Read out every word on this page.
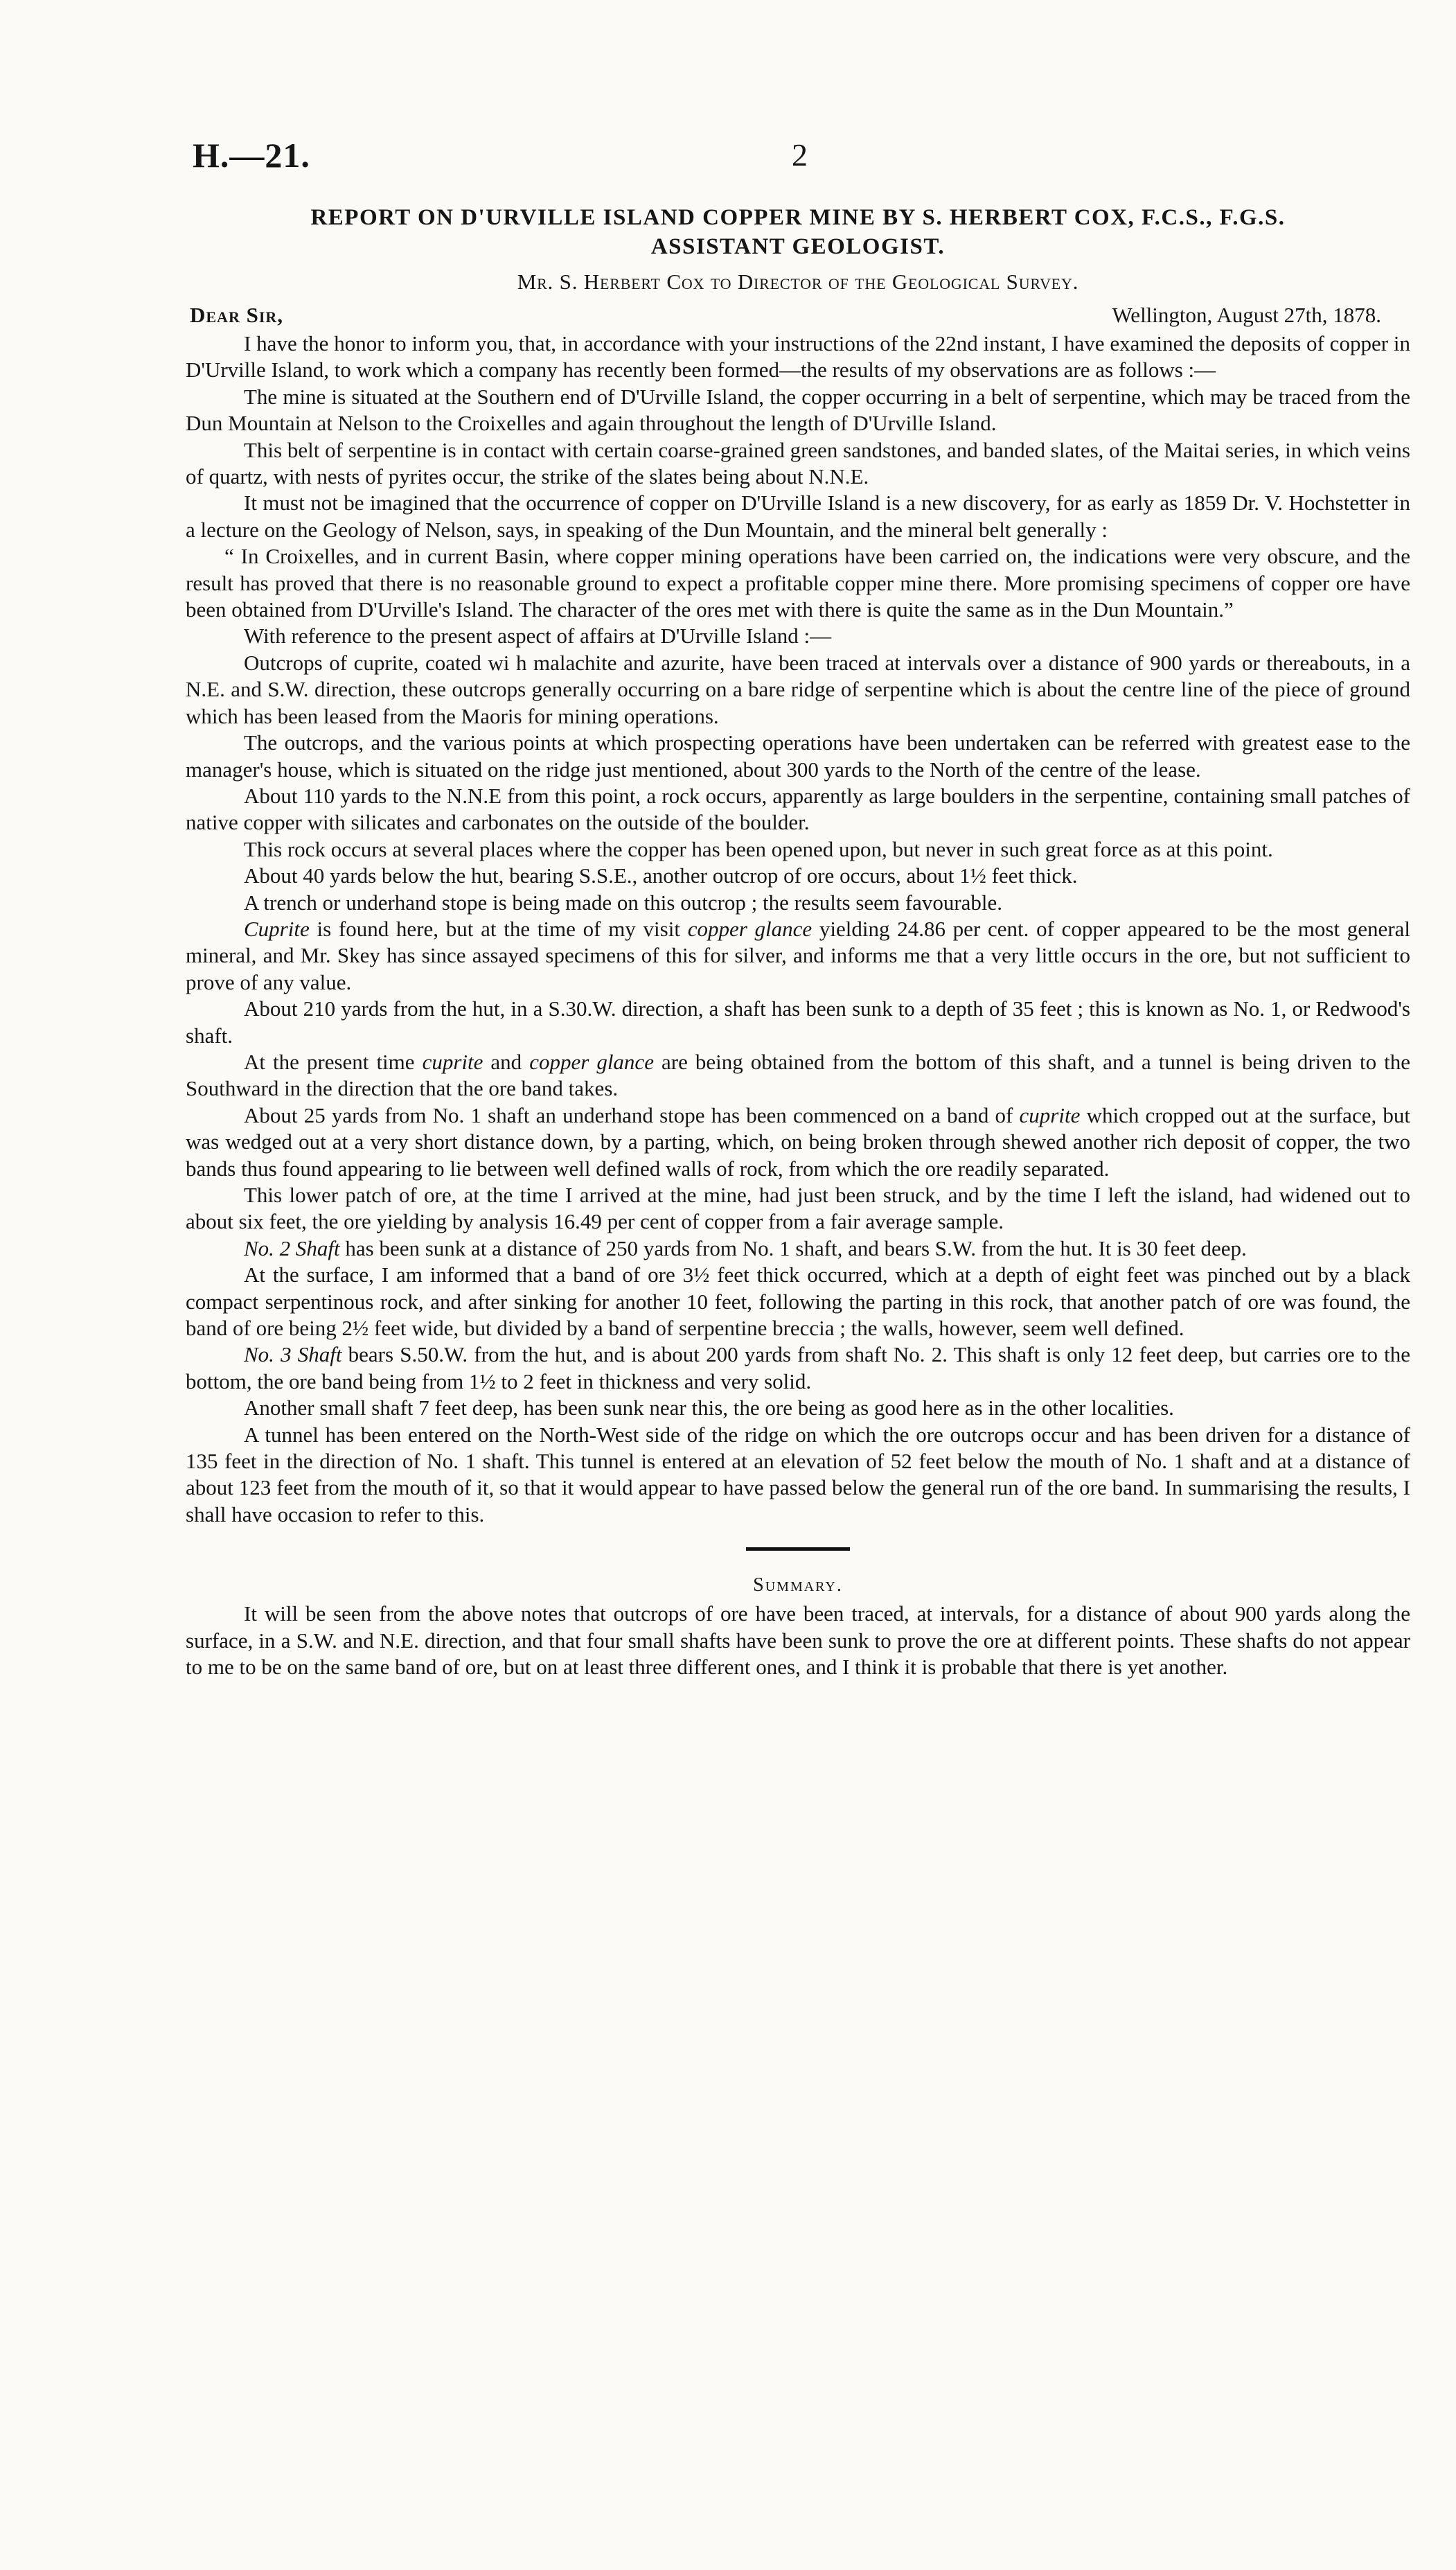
H.—21.	2
REPORT ON D'URVILLE ISLAND COPPER MINE BY S. HERBERT COX, F.C.S., F.G.S.
ASSISTANT GEOLOGIST.
Mr. S. Herbert Cox to Director of the Geological Survey.
Dear Sir,	Wellington, August 27th, 1878.

I have the honor to inform you, that, in accordance with your instructions of the 22nd instant, I have examined the deposits of copper in D'Urville Island, to work which a company has recently been formed—the results of my observations are as follows :—

The mine is situated at the Southern end of D'Urville Island, the copper occurring in a belt of serpentine, which may be traced from the Dun Mountain at Nelson to the Croixelles and again throughout the length of D'Urville Island.

This belt of serpentine is in contact with certain coarse-grained green sandstones, and banded slates, of the Maitai series, in which veins of quartz, with nests of pyrites occur, the strike of the slates being about N.N.E.

It must not be imagined that the occurrence of copper on D'Urville Island is a new discovery, for as early as 1859 Dr. V. Hochstetter in a lecture on the Geology of Nelson, says, in speaking of the Dun Mountain, and the mineral belt generally :

“ In Croixelles, and in current Basin, where copper mining operations have been carried on, the indications were very obscure, and the result has proved that there is no reasonable ground to expect a profitable copper mine there. More promising specimens of copper ore have been obtained from D'Urville's Island. The character of the ores met with there is quite the same as in the Dun Mountain.”

With reference to the present aspect of affairs at D'Urville Island :—

Outcrops of cuprite, coated wi h malachite and azurite, have been traced at intervals over a distance of 900 yards or thereabouts, in a N.E. and S.W. direction, these outcrops generally occurring on a bare ridge of serpentine which is about the centre line of the piece of ground which has been leased from the Maoris for mining operations.

The outcrops, and the various points at which prospecting operations have been undertaken can be referred with greatest ease to the manager's house, which is situated on the ridge just mentioned, about 300 yards to the North of the centre of the lease.

About 110 yards to the N.N.E from this point, a rock occurs, apparently as large boulders in the serpentine, containing small patches of native copper with silicates and carbonates on the outside of the boulder.

This rock occurs at several places where the copper has been opened upon, but never in such great force as at this point.

About 40 yards below the hut, bearing S.S.E., another outcrop of ore occurs, about 1½ feet thick.

A trench or underhand stope is being made on this outcrop ; the results seem favourable.

Cuprite is found here, but at the time of my visit copper glance yielding 24.86 per cent. of copper appeared to be the most general mineral, and Mr. Skey has since assayed specimens of this for silver, and informs me that a very little occurs in the ore, but not sufficient to prove of any value.

About 210 yards from the hut, in a S.30.W. direction, a shaft has been sunk to a depth of 35 feet ; this is known as No. 1, or Redwood's shaft.

At the present time cuprite and copper glance are being obtained from the bottom of this shaft, and a tunnel is being driven to the Southward in the direction that the ore band takes.

About 25 yards from No. 1 shaft an underhand stope has been commenced on a band of cuprite which cropped out at the surface, but was wedged out at a very short distance down, by a parting, which, on being broken through shewed another rich deposit of copper, the two bands thus found appearing to lie between well defined walls of rock, from which the ore readily separated.

This lower patch of ore, at the time I arrived at the mine, had just been struck, and by the time I left the island, had widened out to about six feet, the ore yielding by analysis 16.49 per cent of copper from a fair average sample.

No. 2 Shaft has been sunk at a distance of 250 yards from No. 1 shaft, and bears S.W. from the hut. It is 30 feet deep.

At the surface, I am informed that a band of ore 3½ feet thick occurred, which at a depth of eight feet was pinched out by a black compact serpentinous rock, and after sinking for another 10 feet, following the parting in this rock, that another patch of ore was found, the band of ore being 2½ feet wide, but divided by a band of serpentine breccia ; the walls, however, seem well defined.

No. 3 Shaft bears S.50.W. from the hut, and is about 200 yards from shaft No. 2. This shaft is only 12 feet deep, but carries ore to the bottom, the ore band being from 1½ to 2 feet in thickness and very solid.

Another small shaft 7 feet deep, has been sunk near this, the ore being as good here as in the other localities.

A tunnel has been entered on the North-West side of the ridge on which the ore outcrops occur and has been driven for a distance of 135 feet in the direction of No. 1 shaft. This tunnel is entered at an elevation of 52 feet below the mouth of No. 1 shaft and at a distance of about 123 feet from the mouth of it, so that it would appear to have passed below the general run of the ore band. In summarising the results, I shall have occasion to refer to this.

Summary.

It will be seen from the above notes that outcrops of ore have been traced, at intervals, for a distance of about 900 yards along the surface, in a S.W. and N.E. direction, and that four small shafts have been sunk to prove the ore at different points. These shafts do not appear to me to be on the same band of ore, but on at least three different ones, and I think it is probable that there is yet another.
